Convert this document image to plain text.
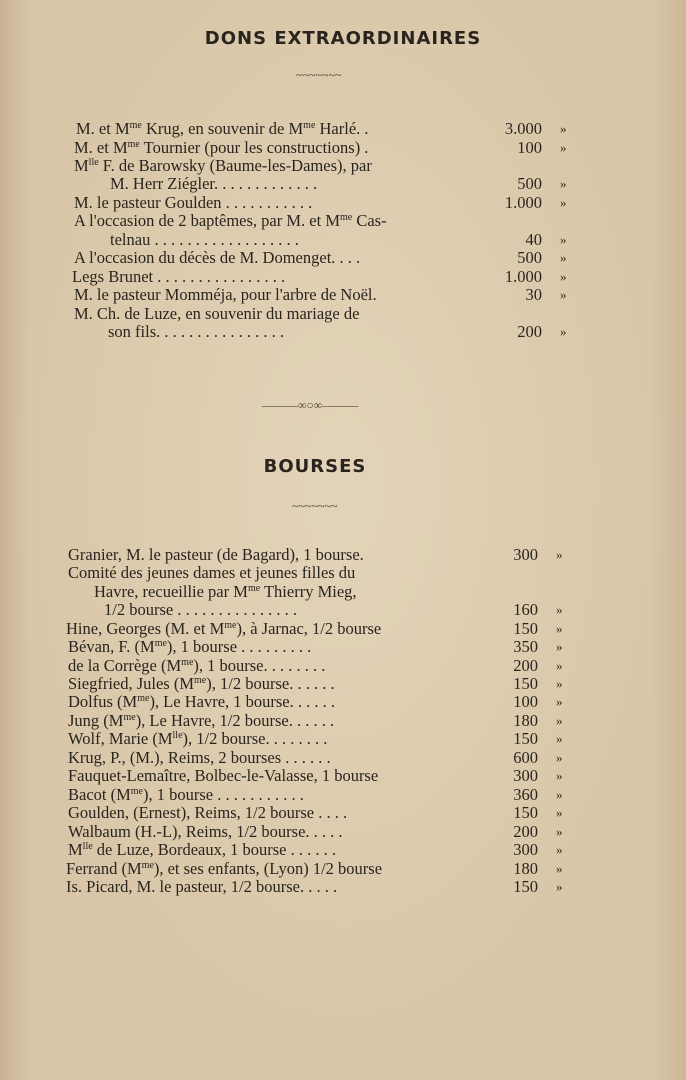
DONS EXTRAORDINAIRES
~~~~~~~
M. et $M^{me}$ Krug, en souvenir de $M^{me}$ Harlé. .	3.000 »
M. et $M^{me}$ Tournier (pour les constructions) .	100 »
$M^{lle}$ F. de Barowsky (Baume-les-Dames), par
M. Herr Ziégler. . . . . . . . . . . . .	500 »
M. le pasteur Goulden . . . . . . . . . . .	1.000 »
A l'occasion de 2 baptêmes, par M. et $M^{me}$ Cas-
telnau . . . . . . . . . . . . . . . . . .	40 »
A l'occasion du décès de M. Domenget. . . .	500 »
Legs Brunet . . . . . . . . . . . . . . . .	1.000 »
M. le pasteur Momméja, pour l'arbre de Noël.	30 »
M. Ch. de Luze, en souvenir du mariage de
son fils. . . . . . . . . . . . . . . .	200 »
———∞○∞———
BOURSES
~~~~~~~
Granier, M. le pasteur (de Bagard), 1 bourse.	300 »
Comité des jeunes dames et jeunes filles du
Havre, recueillie par $M^{me}$ Thierry Mieg,
1/2 bourse . . . . . . . . . . . . . . .	160 »
Hine, Georges (M. et $M^{me}$), à Jarnac, 1/2 bourse	150 »
Bévan, F. $(M^{me})$, 1 bourse . . . . . . . . .	350 »
de la Corrège $(M^{me})$, 1 bourse. . . . . . . .	200 »
Siegfried, Jules $(M^{me})$, 1/2 bourse. . . . . .	150 »
Dolfus $(M^{me})$, Le Havre, 1 bourse. . . . . .	100 »
Jung $(M^{me})$, Le Havre, 1/2 bourse. . . . . .	180 »
Wolf, Marie $(M^{lle})$, 1/2 bourse. . . . . . . .	150 »
Krug, P., (M.), Reims, 2 bourses . . . . . .	600 »
Fauquet-Lemaître, Bolbec-le-Valasse, 1 bourse	300 »
Bacot $(M^{me})$, 1 bourse . . . . . . . . . . .	360 »
Goulden, (Ernest), Reims, 1/2 bourse . . . .	150 »
Walbaum (H.-L), Reims, 1/2 bourse. . . . .	200 »
$M^{lle}$ de Luze, Bordeaux, 1 bourse . . . . . .	300 »
Ferrand $(M^{me})$, et ses enfants, (Lyon) 1/2 bourse	180 »
Is. Picard, M. le pasteur, 1/2 bourse. . . . .	150 »
